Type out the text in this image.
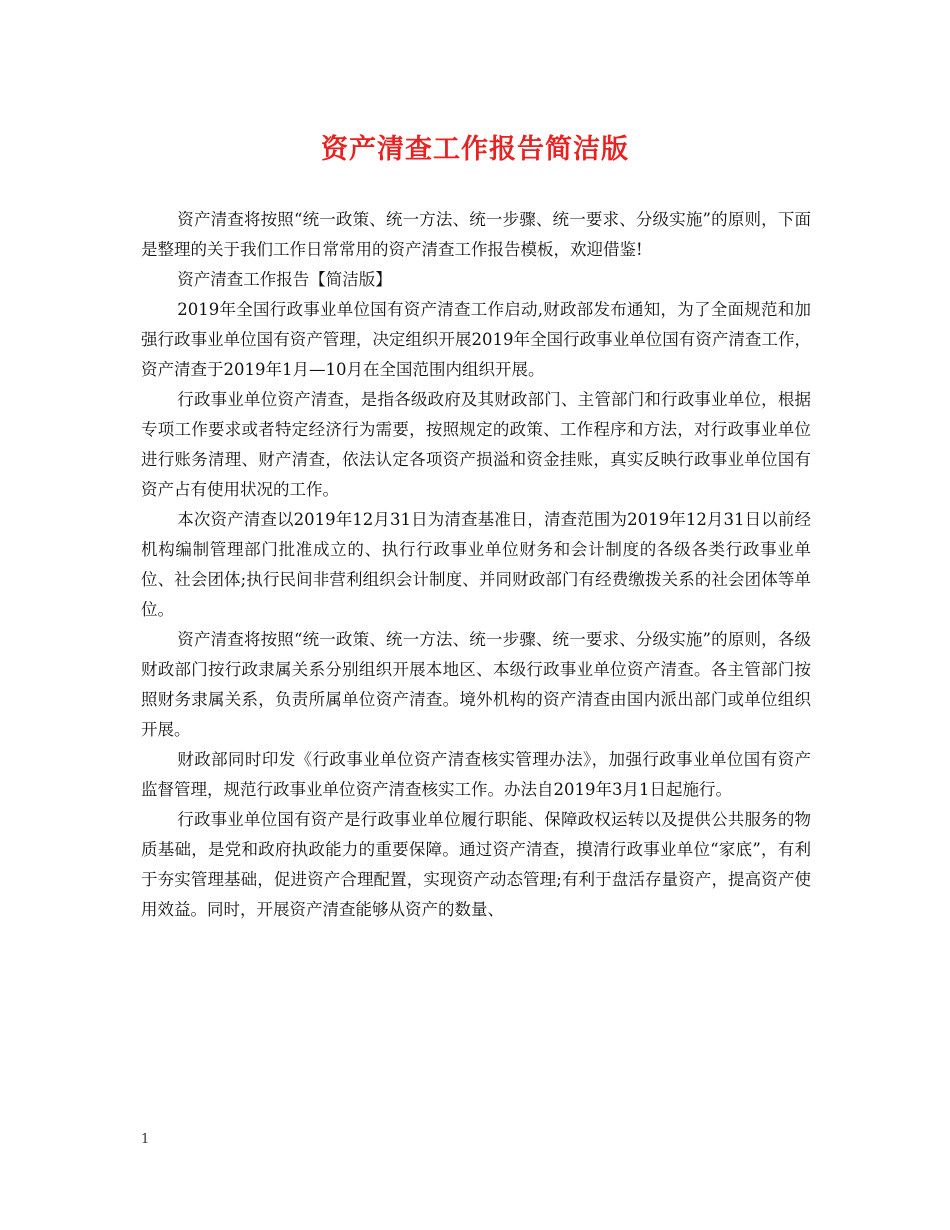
资产清查工作报告简洁版

资产清查将按照“统一政策、统一方法、统一步骤、统一要求、分级实施”的原则，下面是整理的关于我们工作日常常用的资产清查工作报告模板，欢迎借鉴!

资产清查工作报告【简洁版】

2019年全国行政事业单位国有资产清查工作启动,财政部发布通知，为了全面规范和加强行政事业单位国有资产管理，决定组织开展2019年全国行政事业单位国有资产清查工作，资产清查于2019年1月—10月在全国范围内组织开展。

行政事业单位资产清查，是指各级政府及其财政部门、主管部门和行政事业单位，根据专项工作要求或者特定经济行为需要，按照规定的政策、工作程序和方法，对行政事业单位进行账务清理、财产清查，依法认定各项资产损溢和资金挂账，真实反映行政事业单位国有资产占有使用状况的工作。

本次资产清查以2019年12月31日为清查基准日，清查范围为2019年12月31日以前经机构编制管理部门批准成立的、执行行政事业单位财务和会计制度的各级各类行政事业单位、社会团体;执行民间非营利组织会计制度、并同财政部门有经费缴拨关系的社会团体等单位。

资产清查将按照“统一政策、统一方法、统一步骤、统一要求、分级实施”的原则，各级财政部门按行政隶属关系分别组织开展本地区、本级行政事业单位资产清查。各主管部门按照财务隶属关系，负责所属单位资产清查。境外机构的资产清查由国内派出部门或单位组织开展。

财政部同时印发《行政事业单位资产清查核实管理办法》，加强行政事业单位国有资产监督管理，规范行政事业单位资产清查核实工作。办法自2019年3月1日起施行。

行政事业单位国有资产是行政事业单位履行职能、保障政权运转以及提供公共服务的物质基础，是党和政府执政能力的重要保障。通过资产清查，摸清行政事业单位“家底”，有利于夯实管理基础，促进资产合理配置，实现资产动态管理;有利于盘活存量资产，提高资产使用效益。同时，开展资产清查能够从资产的数量、

1
